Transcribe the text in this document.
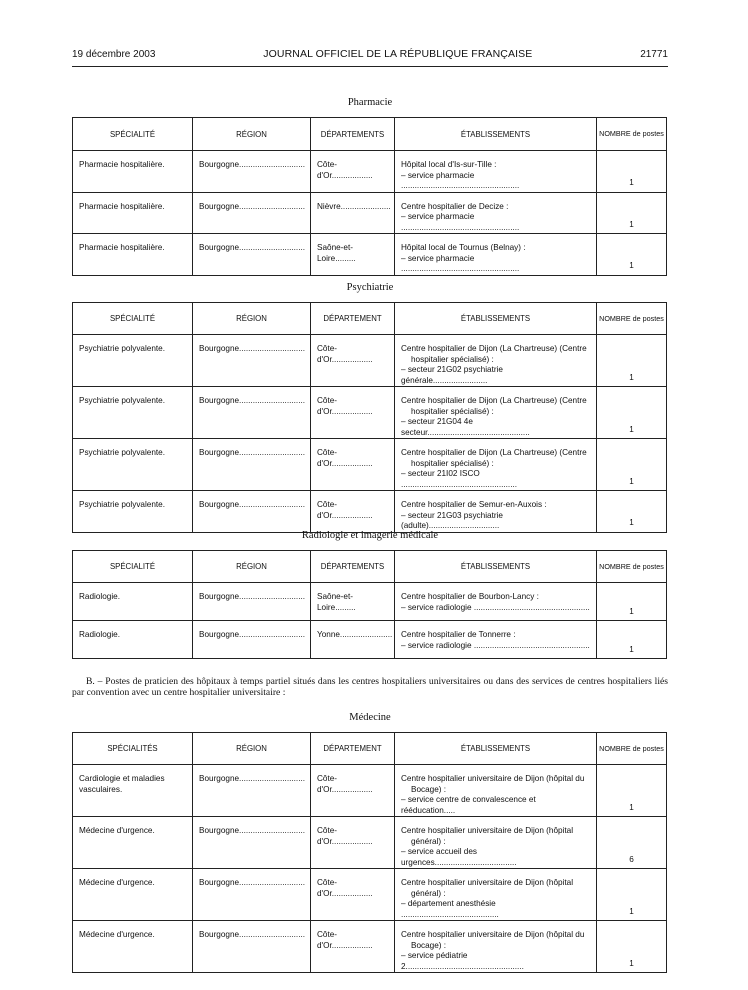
19 décembre 2003	JOURNAL OFFICIEL DE LA RÉPUBLIQUE FRANÇAISE	21771
Pharmacie
SPÉCIALITÉ	RÉGION	DÉPARTEMENTS	ÉTABLISSEMENTS	NOMBRE de postes
Pharmacie hospitalière.	Bourgogne.............................	Côte-d'Or..................	Hôpital local d'Is-sur-Tille :
– service pharmacie ....................................................	1
Pharmacie hospitalière.	Bourgogne.............................	Nièvre......................	Centre hospitalier de Decize :
– service pharmacie ....................................................	1
Pharmacie hospitalière.	Bourgogne.............................	Saône-et-Loire.........	Hôpital local de Tournus (Belnay) :
– service pharmacie ....................................................	1
Psychiatrie
SPÉCIALITÉ	RÉGION	DÉPARTEMENT	ÉTABLISSEMENTS	NOMBRE de postes
Psychiatrie polyvalente.	Bourgogne.............................	Côte-d'Or..................	Centre hospitalier de Dijon (La Chartreuse) (Centre
hospitalier spécialisé) :
– secteur 21G02 psychiatrie générale........................	1
Psychiatrie polyvalente.	Bourgogne.............................	Côte-d'Or..................	Centre hospitalier de Dijon (La Chartreuse) (Centre
hospitalier spécialisé) :
– secteur 21G04 4e secteur.............................................	1
Psychiatrie polyvalente.	Bourgogne.............................	Côte-d'Or..................	Centre hospitalier de Dijon (La Chartreuse) (Centre
hospitalier spécialisé) :
– secteur 21I02 ISCO ...................................................	1
Psychiatrie polyvalente.	Bourgogne.............................	Côte-d'Or..................	Centre hospitalier de Semur-en-Auxois :
– secteur 21G03 psychiatrie (adulte)...............................	1
Radiologie et imagerie médicale
SPÉCIALITÉ	RÉGION	DÉPARTEMENTS	ÉTABLISSEMENTS	NOMBRE de postes
Radiologie.	Bourgogne.............................	Saône-et-Loire.........	Centre hospitalier de Bourbon-Lancy :
– service radiologie ...................................................	1
Radiologie.	Bourgogne.............................	Yonne.......................	Centre hospitalier de Tonnerre :
– service radiologie ...................................................	1
B. – Postes de praticien des hôpitaux à temps partiel situés dans les centres hospitaliers universitaires ou dans des services de centres hospitaliers liés par convention avec un centre hospitalier universitaire :
Médecine
SPÉCIALITÉS	RÉGION	DÉPARTEMENT	ÉTABLISSEMENTS	NOMBRE de postes
Cardiologie et maladies vasculaires.	Bourgogne.............................	Côte-d'Or..................	Centre hospitalier universitaire de Dijon (hôpital du
Bocage) :
– service centre de convalescence et rééducation.....	1
Médecine d'urgence.	Bourgogne.............................	Côte-d'Or..................	Centre hospitalier universitaire de Dijon (hôpital
général) :
– service accueil des urgences....................................	6
Médecine d'urgence.	Bourgogne.............................	Côte-d'Or..................	Centre hospitalier universitaire de Dijon (hôpital
général) :
– département anesthésie ...........................................	1
Médecine d'urgence.	Bourgogne.............................	Côte-d'Or..................	Centre hospitalier universitaire de Dijon (hôpital du
Bocage) :
– service pédiatrie 2....................................................	1
